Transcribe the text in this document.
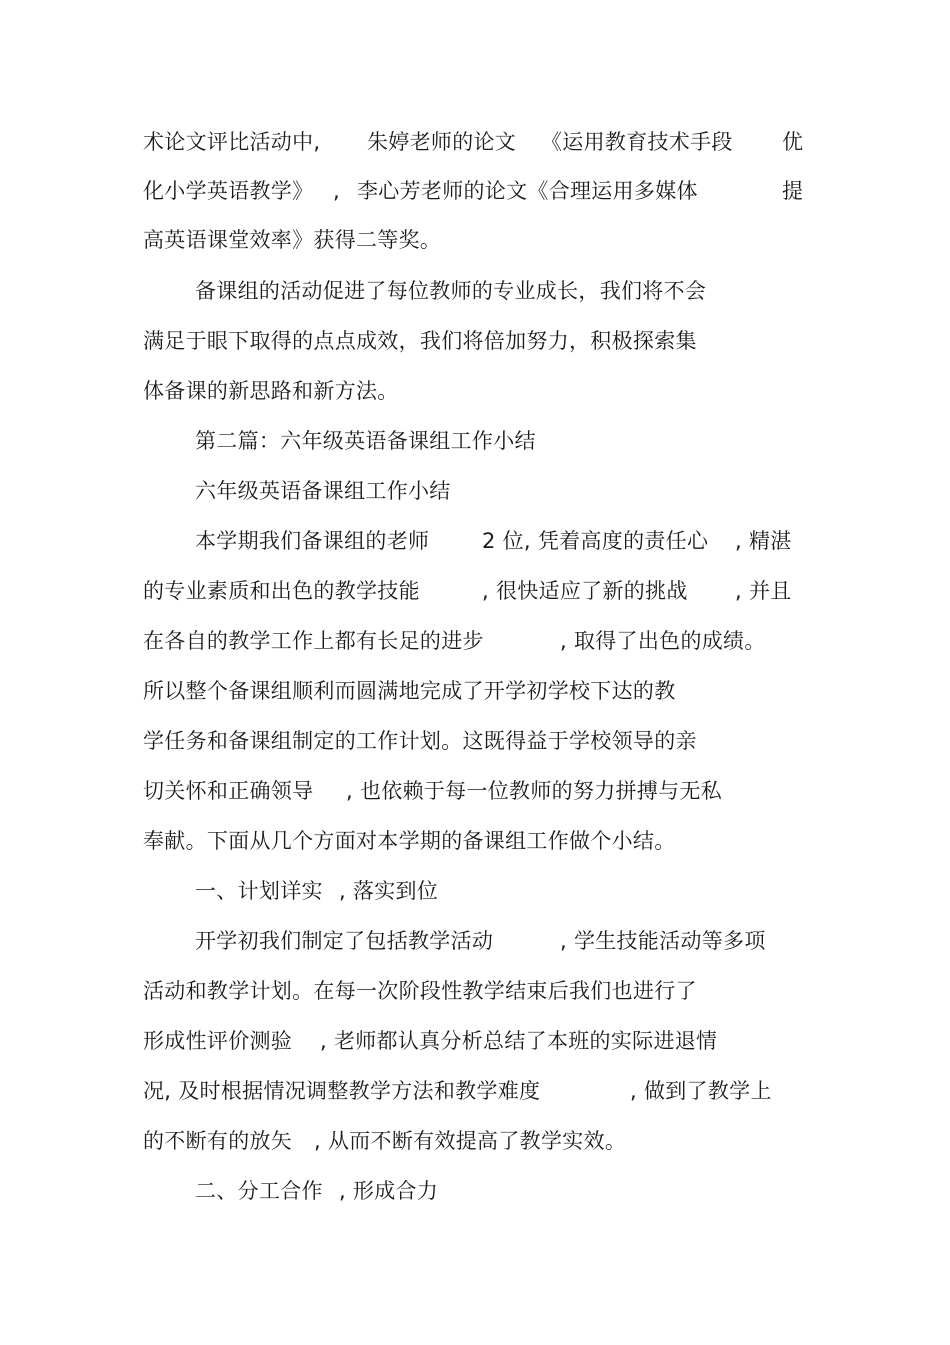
术论文评比活动中,

朱婷老师的论文

《运用教育技术手段

优

化小学英语教学》

,

李心芳老师的论文《合理运用多媒体

	提

高英语课堂效率》获得二等奖。

备课组的活动促进了每位教师的专业成长，我们将不会

满足于眼下取得的点点成效，我们将倍加努力，积极探索集

体备课的新思路和新方法。

第二篇：六年级英语备课组工作小结

六年级英语备课组工作小结

本学期我们备课组的老师

	2 位, 凭着高度的责任心

, 精湛

的专业素质和出色的教学技能

	, 很快适应了新的挑战

, 并且

在各自的教学工作上都有长足的进步

	, 取得了出色的成绩。

所以整个备课组顺利而圆满地完成了开学初学校下达的教

学任务和备课组制定的工作计划。这既得益于学校领导的亲

切关怀和正确领导

, 也依赖于每一位教师的努力拼搏与无私

奉献。下面从几个方面对本学期的备课组工作做个小结。

一、计划详实

, 落实到位

开学初我们制定了包括教学活动

	, 学生技能活动等多项

活动和教学计划。在每一次阶段性教学结束后我们也进行了

形成性评价测验

, 老师都认真分析总结了本班的实际进退情

况, 及时根据情况调整教学方法和教学难度

	, 做到了教学上

的不断有的放矢

, 从而不断有效提高了教学实效。

二、分工合作

, 形成合力
